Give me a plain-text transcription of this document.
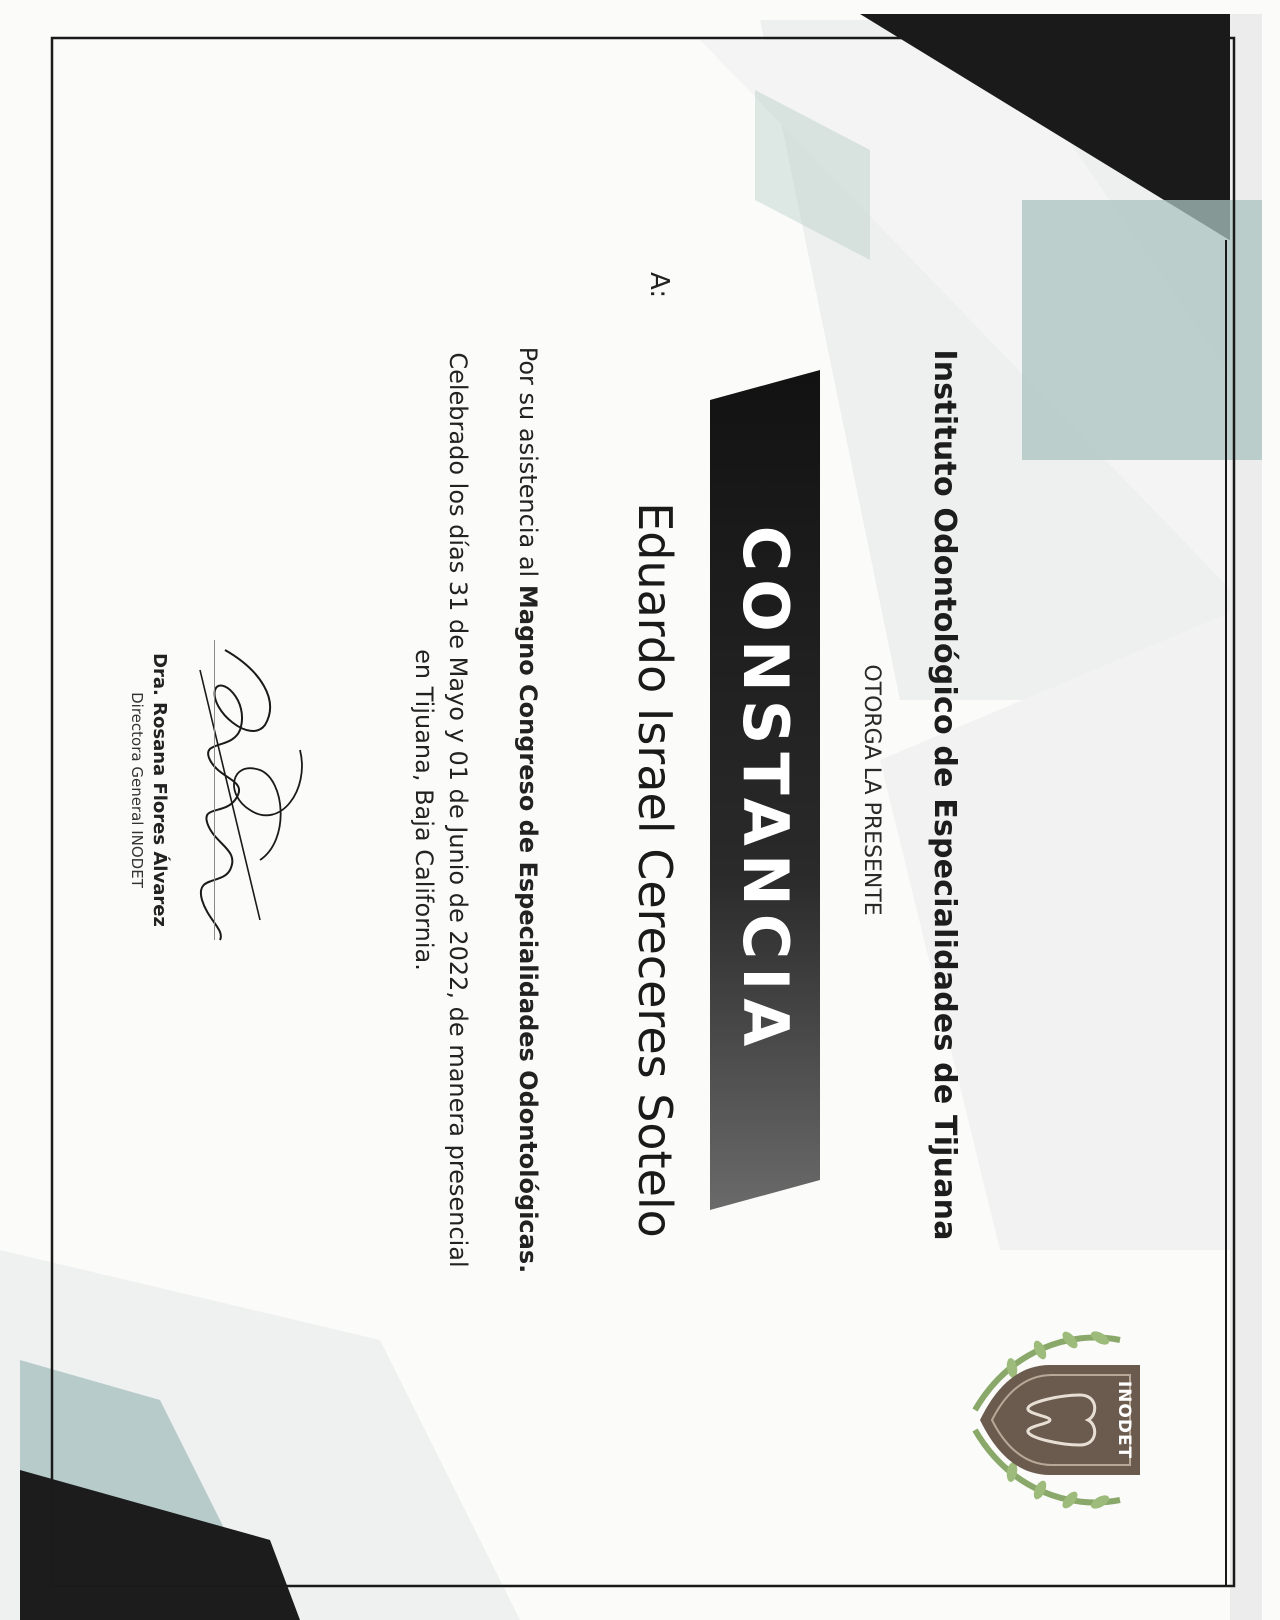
Instituto Odontológico de Especialidades de Tijuana
OTORGA LA PRESENTE
CONSTANCIA
A:
Eduardo Israel Cereceres Sotelo
Por su asistencia al Magno Congreso de Especialidades Odontológicas.
Celebrado los días 31 de Mayo y 01 de Junio de 2022, de manera presencial
en Tijuana, Baja California.
Dra. Rosana Flores Álvarez
Directora General INODET
INODET
